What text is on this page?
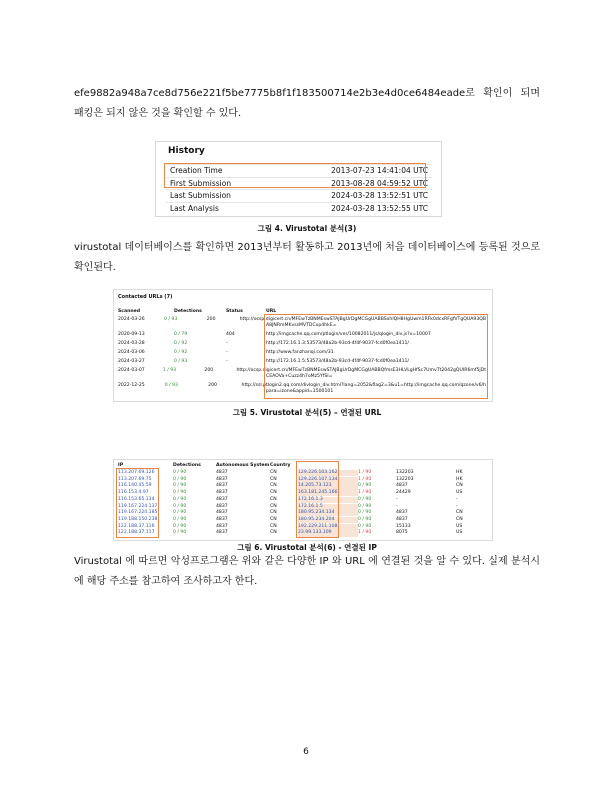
efe9882a948a7ce8d756e221f5be7775b8f1f183500714e2b3e4d0ce6484eade로 확인이 되며 패킹은 되지 않은 것을 확인할 수 있다.
History
Creation Time	2013-07-23 14:41:04 UTC
First Submission	2013-08-28 04:59:52 UTC
Last Submission	2024-03-28 13:52:51 UTC
Last Analysis	2024-03-28 13:52:55 UTC
그림 4. Virustotal 분석(3)
virustotal 데이터베이스를 확인하면 2013년부터 활동하고 2013년에 처음 데이터베이스에 등록된 것으로 확인된다.
Contacted URLs (7)
Scanned	Detections	Status	URL
2024-03-26	0 / 93	200	http://ocsp.digicert.cn/MFEwTzBNMEswSTAJBgUrDgMCGgUABBSxhlQH8HgUwm1RFk0dcxRFgfVTgQUA93QB
A8JNRmMKvssMVTDCxp4hkE=
2020-09-13	0 / 79	404	http://imgcache.qq.com/ptlogin/ver/10082011/js/qlogin_div.js?v=10007
2024-03-28	0 / 92	-	http://172.16.1.3:53573/48a2b-93cd-4f4f-9037-fcd0f0ea1411/
2024-03-06	0 / 92	-	http://www.fanzhanqi.com/31
2024-03-27	0 / 93	-	http://172.16.1.5:53573/48a2b-93cd-4f4f-9037-fcd0f0ea1411/
2024-03-07	1 / 93	200	http://ocsp.digicert.cn/MFEwTzBNMEswSTAJBgUrDgMCGgUABBQfmsE3HLVLgHfSc7UmvTt2042gQUIR6mf5jDt
CEAOVa+Cuzz4h7oMz5YfSI=
2022-12-25	0 / 93	200	http://ssl.ptlogin2.qq.com/divlogin_div.html?lang=2052&flag2=3&u1=http://imgcache.qq.com/qzone/v6/h
para=izone&appid=1500101
그림 5. Virustotal 분석(5) – 연결된 URL
IP	Detections	Autonomous System Country
113.207.69.126	0 / 90	4837	CN	129.226.103.162	1 / 90	132203	HK
113.207.69.75	0 / 90	4837	CN	129.226.107.134	1 / 90	132203	HK
116.140.45.59	0 / 90	4837	CN	14.205.73.123	0 / 90	4837	CN
116.153.4.97	0 / 90	4837	CN	163.181.245.166	1 / 90	24429	US
116.153.65.134	0 / 90	4837	CN	172.16.1.3	0 / 90	-	-
119.167.224.137	0 / 90	4837	CN	172.16.1.5	0 / 90	-	-
119.167.224.185	0 / 90	4837	CN	180.95.234.134	0 / 90	4837	CN
119.188.150.238	0 / 90	4837	CN	180.95.234.204	0 / 90	4837	CN
122.188.37.116	0 / 90	4837	CN	192.229.211.108	0 / 90	15133	US
122.188.37.117	0 / 90	4837	CN	23.99.133.109	1 / 90	8075	US
그림 6. Virustotal 분석(6) - 연결된 IP
Virustotal 에 따르면 악성프로그램은 위와 같은 다양한 IP 와 URL 에 연결된 것을 알 수 있다. 실제 분석시에 해당 주소를 참고하여 조사하고자 한다.
6
